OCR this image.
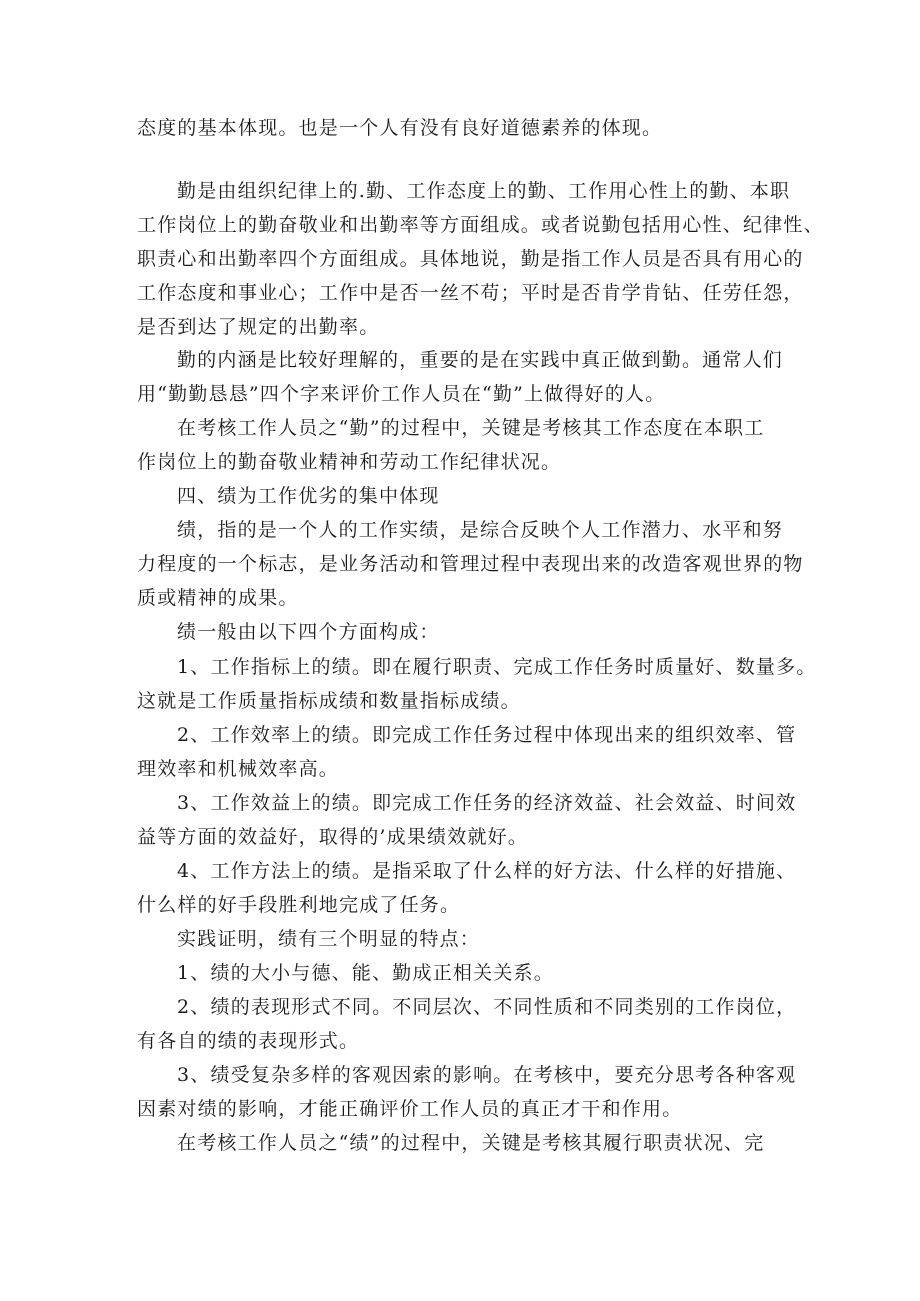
态度的基本体现。也是一个人有没有良好道德素养的体现。
勤是由组织纪律上的.勤、工作态度上的勤、工作用心性上的勤、本职
工作岗位上的勤奋敬业和出勤率等方面组成。或者说勤包括用心性、纪律性、
职责心和出勤率四个方面组成。具体地说，勤是指工作人员是否具有用心的
工作态度和事业心；工作中是否一丝不苟；平时是否肯学肯钻、任劳任怨，
是否到达了规定的出勤率。
勤的内涵是比较好理解的，重要的是在实践中真正做到勤。通常人们
用“勤勤恳恳”四个字来评价工作人员在“勤”上做得好的人。
在考核工作人员之“勤”的过程中，关键是考核其工作态度在本职工
作岗位上的勤奋敬业精神和劳动工作纪律状况。
四、绩为工作优劣的集中体现
绩，指的是一个人的工作实绩，是综合反映个人工作潜力、水平和努
力程度的一个标志，是业务活动和管理过程中表现出来的改造客观世界的物
质或精神的成果。
绩一般由以下四个方面构成：
1、工作指标上的绩。即在履行职责、完成工作任务时质量好、数量多。
这就是工作质量指标成绩和数量指标成绩。
2、工作效率上的绩。即完成工作任务过程中体现出来的组织效率、管
理效率和机械效率高。
3、工作效益上的绩。即完成工作任务的经济效益、社会效益、时间效
益等方面的效益好，取得的’成果绩效就好。
4、工作方法上的绩。是指采取了什么样的好方法、什么样的好措施、
什么样的好手段胜利地完成了任务。
实践证明，绩有三个明显的特点：
1、绩的大小与德、能、勤成正相关关系。
2、绩的表现形式不同。不同层次、不同性质和不同类别的工作岗位，
有各自的绩的表现形式。
3、绩受复杂多样的客观因索的影响。在考核中，要充分思考各种客观
因素对绩的影响，才能正确评价工作人员的真正才干和作用。
在考核工作人员之“绩”的过程中，关键是考核其履行职责状况、完
